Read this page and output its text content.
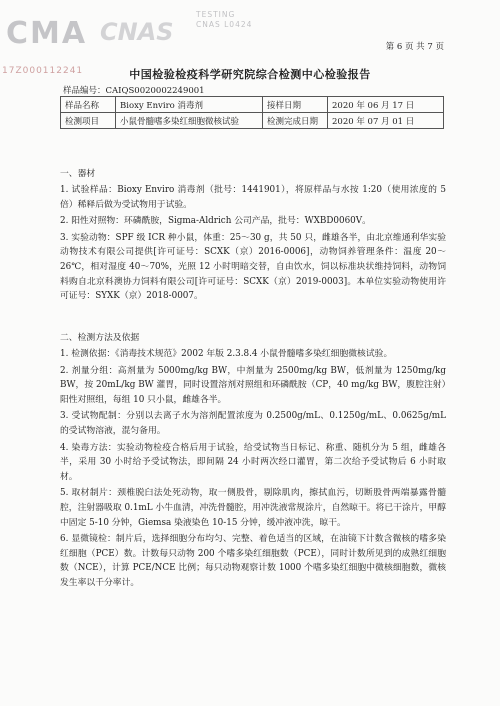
CMA
17Z000112241
CNAS
TESTING
CNAS L0424
第 6 页 共 7 页
中国检验检疫科学研究院综合检测中心检验报告
样品编号：CAIQS0020002249001
样品名称	Bioxy Enviro 消毒剂	接样日期	2020 年 06 月 17 日
检测项目	小鼠骨髓嗜多染红细胞微核试验	检测完成日期	2020 年 07 月 01 日

一、器材

1. 试验样品：Bioxy Enviro 消毒剂（批号：1441901），将原样品与水按 1:20（使用浓度的 5 倍）稀释后做为受试物用于试验。

2. 阳性对照物：环磷酰胺，Sigma-Aldrich 公司产品，批号：WXBD0060V。

3. 实验动物：SPF 级 ICR 种小鼠，体重：25～30 g，共 50 只，雌雄各半，由北京维通利华实验动物技术有限公司提供[许可证号：SCXK（京）2016-0006]，动物饲养管理条件：温度 20～26℃，相对湿度 40～70%，光照 12 小时明暗交替，自由饮水，饲以标准块状维持饲料，动物饲料购自北京科澳协力饲料有限公司[许可证号：SCXK（京）2019-0003]。本单位实验动物使用许可证号：SYXK（京）2018-0007。

二、检测方法及依据

1. 检测依据：《消毒技术规范》2002 年版 2.3.8.4 小鼠骨髓嗜多染红细胞微核试验。

2. 剂量分组：高剂量为 5000mg/kg BW，中剂量为 2500mg/kg BW，低剂量为 1250mg/kg BW，按 20mL/kg BW 灌胃，同时设置溶剂对照组和环磷酰胺（CP，40 mg/kg BW，腹腔注射）阳性对照组，每组 10 只小鼠，雌雄各半。

3. 受试物配制：分别以去离子水为溶剂配置浓度为 0.2500g/mL、0.1250g/mL、0.0625g/mL 的受试物溶液，混匀备用。

4. 染毒方法：实验动物检疫合格后用于试验，给受试物当日标记、称重、随机分为 5 组，雌雄各半，采用 30 小时给予受试物法，即间隔 24 小时两次经口灌胃，第二次给予受试物后 6 小时取材。

5. 取材制片：颈椎脱臼法处死动物，取一侧股骨，剔除肌肉，擦拭血污，切断股骨两端暴露骨髓腔，注射器吸取 0.1mL 小牛血清，冲洗骨髓腔，用冲洗液常规涂片，自然晾干。将已干涂片，甲醇中固定 5-10 分钟，Giemsa 染液染色 10-15 分钟，缓冲液冲洗，晾干。

6. 显微镜检：制片后，选择细胞分布均匀、完整、着色适当的区域，在油镜下计数含微核的嗜多染红细胞（PCE）数。计数每只动物 200 个嗜多染红细胞数（PCE），同时计数所见到的成熟红细胞数（NCE），计算 PCE/NCE 比例；每只动物观察计数 1000 个嗜多染红细胞中微核细胞数，微核发生率以千分率计。
